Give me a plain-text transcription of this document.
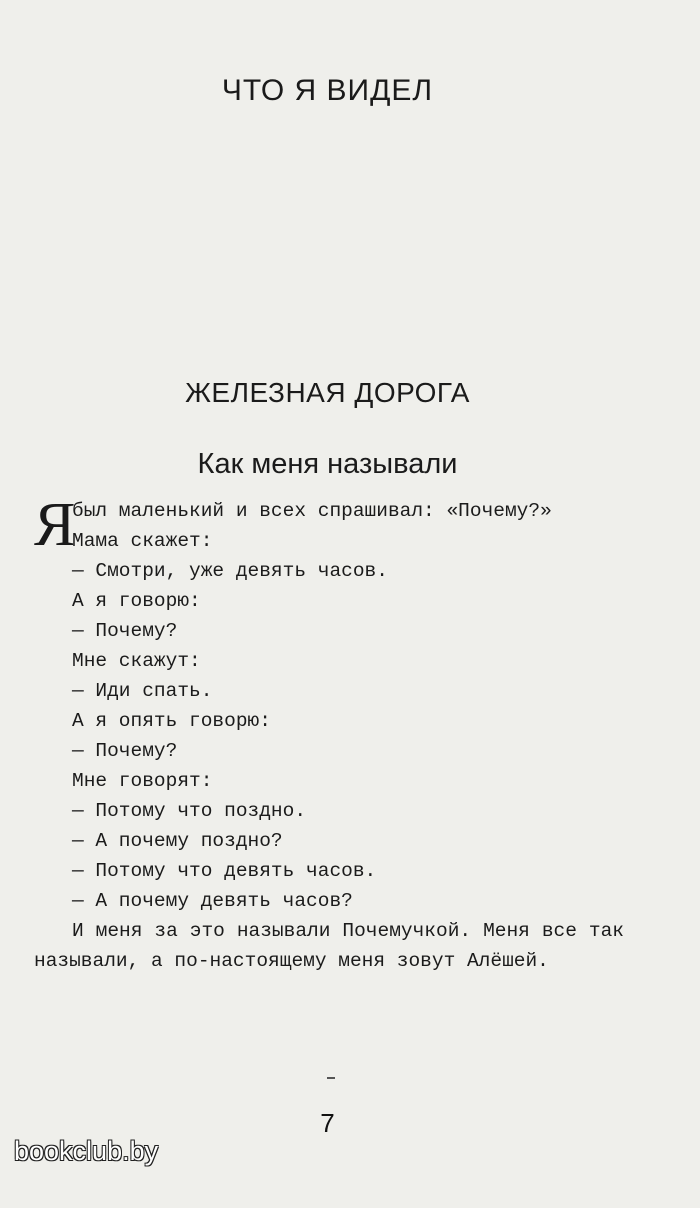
ЧТО Я ВИДЕЛ
ЖЕЛЕЗНАЯ ДОРОГА
Как меня называли
Я
был маленький и всех спрашивал: «Почему?»
Мама скажет:
— Смотри, уже девять часов.
А я говорю:
— Почему?
Мне скажут:
— Иди спать.
А я опять говорю:
— Почему?
Мне говорят:
— Потому что поздно.
— А почему поздно?
— Потому что девять часов.
— А почему девять часов?
И меня за это называли Почемучкой. Меня все так называли, а по-настоящему меня зовут Алёшей.
7
bookclub.by
